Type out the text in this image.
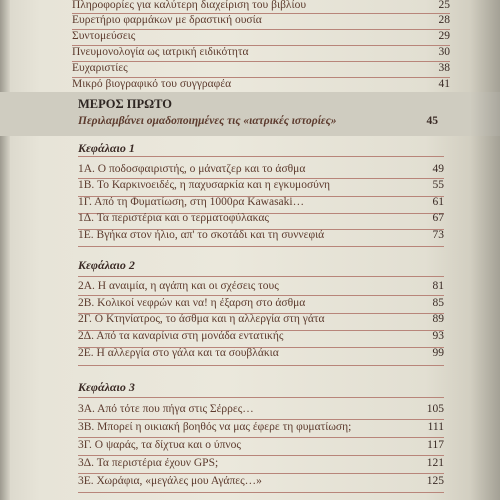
Πληροφορίες για καλύτερη διαχείριση του βιβλίου	25
Ευρετήριο φαρμάκων με δραστική ουσία	28
Συντομεύσεις	29
Πνευμονολογία ως ιατρική ειδικότητα	30
Ευχαριστίες	38
Μικρό βιογραφικό του συγγραφέα	41
ΜΕΡΟΣ ΠΡΩΤΟ
Περιλαμβάνει ομαδοποιημένες τις «ιατρικές ιστορίες»	45
Κεφάλαιο 1
1Α. Ο ποδοσφαιριστής, ο μάνατζερ και το άσθμα	49
1Β. Το Καρκινοειδές, η παχυσαρκία και η εγκυμοσύνη	55
1Γ. Από τη Φυματίωση, στη 1000ρα Kawasaki…	61
1Δ. Τα περιστέρια και ο τερματοφύλακας	67
1Ε. Βγήκα στον ήλιο, απ' το σκοτάδι και τη συννεφιά	73
Κεφάλαιο 2
2Α. Η αναιμία, η αγάπη και οι σχέσεις τους	81
2Β. Κολικοί νεφρών και να! η έξαρση στο άσθμα	85
2Γ. Ο Κτηνίατρος, το άσθμα και η αλλεργία στη γάτα	89
2Δ. Από τα καναρίνια στη μονάδα εντατικής	93
2Ε. Η αλλεργία στο γάλα και τα σουβλάκια	99
Κεφάλαιο 3
3Α. Από τότε που πήγα στις Σέρρες…	105
3Β. Μπορεί η οικιακή βοηθός να μας έφερε τη φυματίωση;	111
3Γ. Ο ψαράς, τα δίχτυα και ο ύπνος	117
3Δ. Τα περιστέρια έχουν GPS;	121
3Ε. Χωράφια, «μεγάλες μου Αγάπες…»	125
